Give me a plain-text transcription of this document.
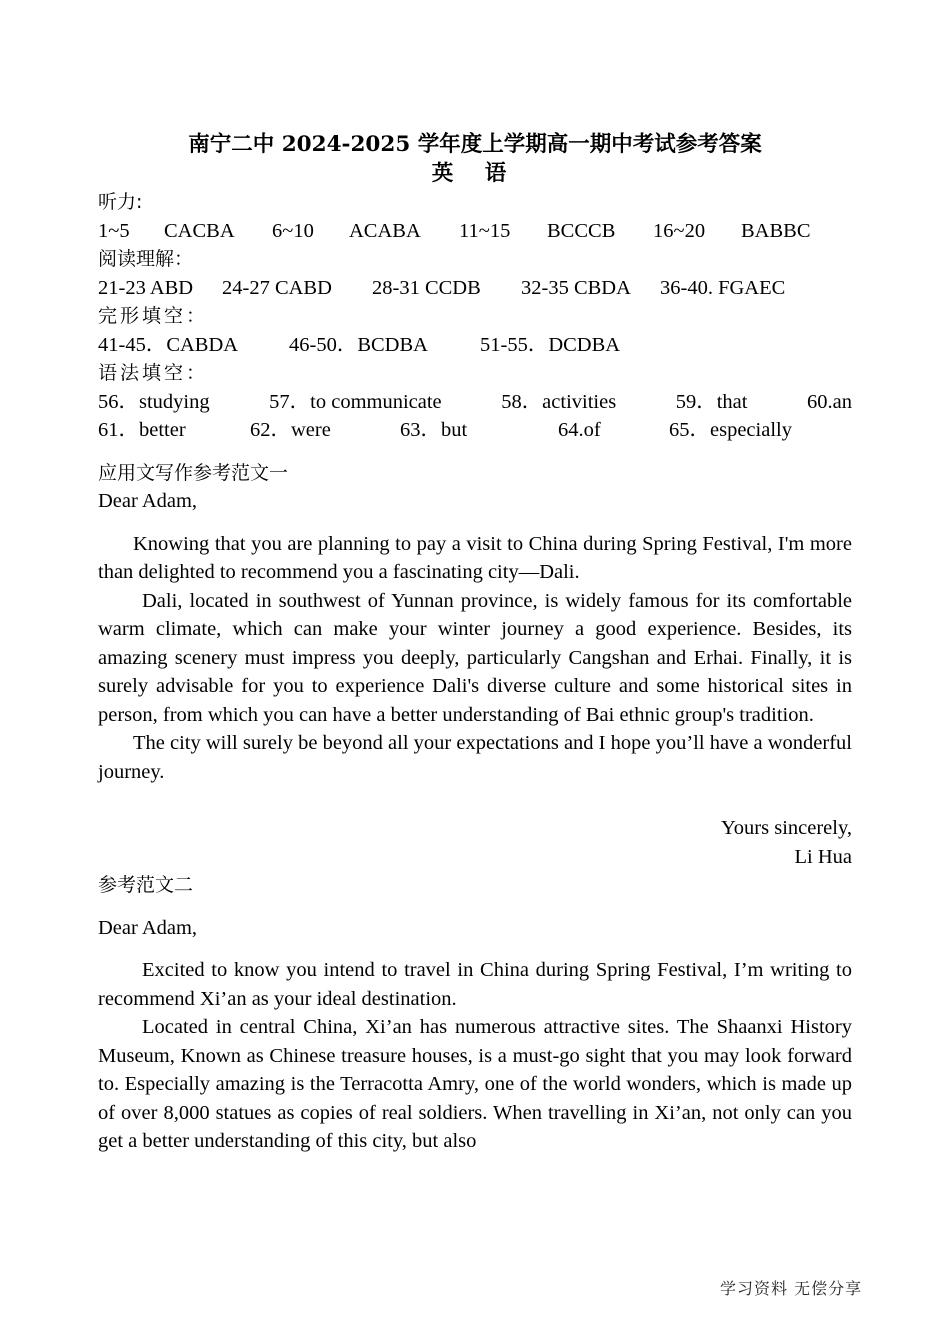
南宁二中 2024-2025 学年度上学期高一期中考试参考答案
英 语
听力:
1~5	CACBA	6~10	ACABA	11~15	BCCCB	16~20	BABBC
阅读理解：
21-23 ABD	24-27 CABD	28-31 CCDB	32-35 CBDA	36-40. FGAEC
完形填空：
41-45．CABDA	46-50．BCDBA	51-55．DCDBA
语法填空：
56．studying	57．to communicate	58．activities	59．that	60.an
61．better	62．were	63．but	64.of	65．especially
应用文写作参考范文一
Dear Adam,

Knowing that you are planning to pay a visit to China during Spring Festival, I'm more than delighted to recommend you a fascinating city—Dali.

Dali, located in southwest of Yunnan province, is widely famous for its comfortable warm climate, which can make your winter journey a good experience. Besides, its amazing scenery must impress you deeply, particularly Cangshan and Erhai. Finally, it is surely advisable for you to experience Dali's diverse culture and some historical sites in person, from which you can have a better understanding of Bai ethnic group's tradition.

The city will surely be beyond all your expectations and I hope you’ll have a wonderful journey.

Yours sincerely,
Li Hua
参考范文二
Dear Adam,

Excited to know you intend to travel in China during Spring Festival, I’m writing to recommend Xi’an as your ideal destination.

Located in central China, Xi’an has numerous attractive sites. The Shaanxi History Museum, Known as Chinese treasure houses, is a must-go sight that you may look forward to. Especially amazing is the Terracotta Amry, one of the world wonders, which is made up of over 8,000 statues as copies of real soldiers. When travelling in Xi’an, not only can you get a better understanding of this city, but also

学习资料 无偿分享
